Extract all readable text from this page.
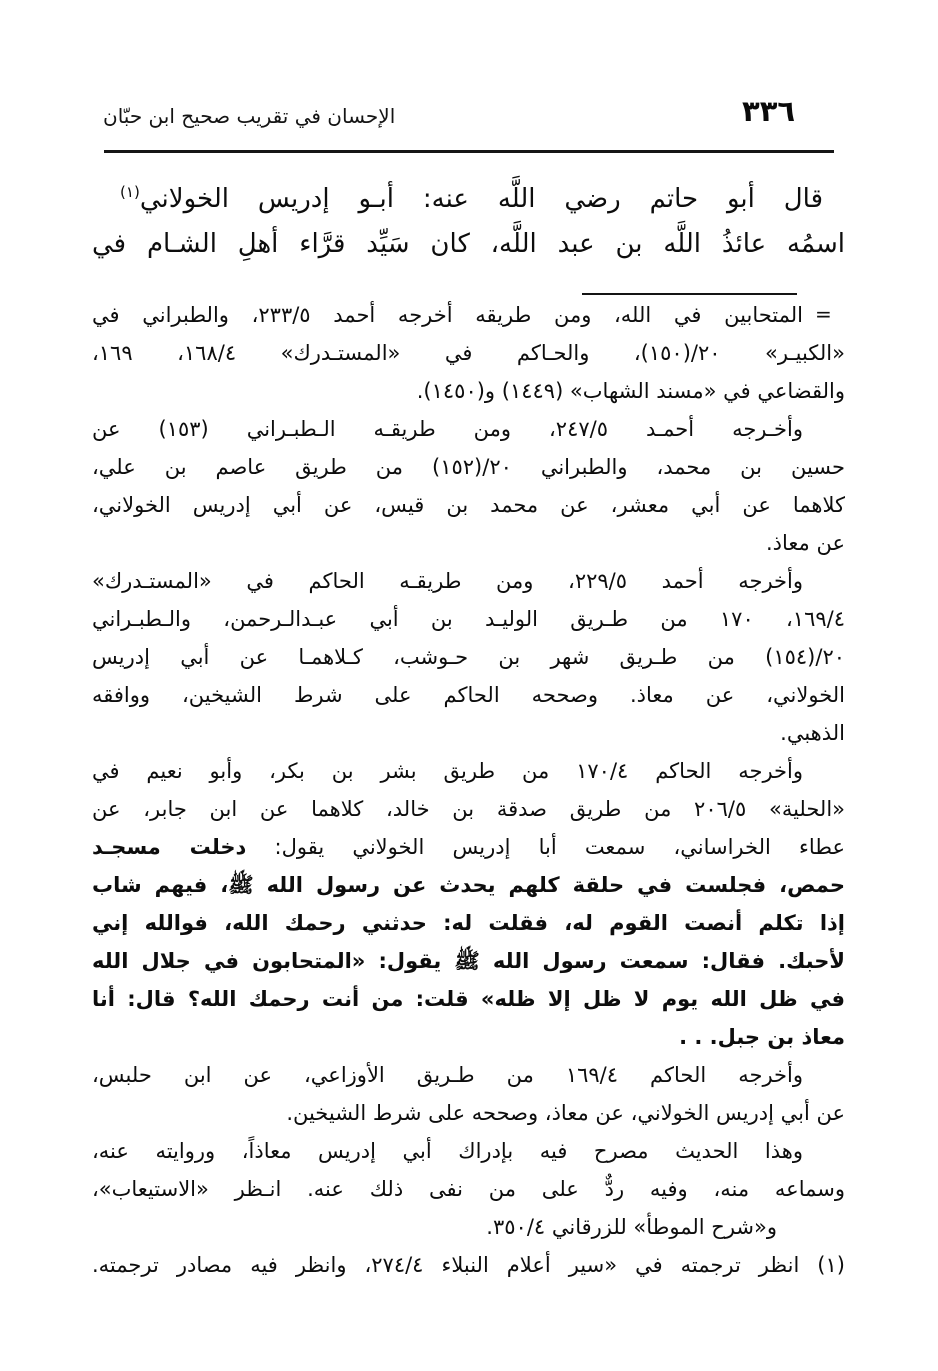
الإحسان في تقريب صحيح ابن حبّان	٣٣٦
قال أبو حاتم رضي اللَّه عنه: أبـو إدريس الخولاني$^{(١)}$
اسمُه عائذُ اللَّه بن عبد اللَّه، كان سَيِّد قرَّاء أهلِ الشـام في
=
المتحابين في الله، ومن طريقه أخرجه أحمد ٢٣٣/٥، والطبراني في
«الكبيـر» ٢٠/(١٥٠)، والحـاكم في «المستـدرك» ١٦٨/٤، ١٦٩،
والقضاعي في «مسند الشهاب» (١٤٤٩) و(١٤٥٠).
وأخـرجه أحمـد ٢٤٧/٥، ومن طريقـه الـطبـراني (١٥٣) عن
حسين بن محمد، والطبراني ٢٠/(١٥٢) من طريق عاصم بن علي،
كلاهما عن أبي معشر، عن محمد بن قيس، عن أبي إدريس الخولاني،
عن معاذ.
وأخرجه أحمد ٢٢٩/٥، ومن طريقـه الحاكم في «المستـدرك»
١٦٩/٤، ١٧٠ من طـريق الوليـد بن أبي عبـدالـرحمن، والـطبـراني
٢٠/(١٥٤) من طـريق شهر بن حـوشب، كـلاهمـا عن أبي إدريس
الخولاني، عن معاذ. وصححه الحاكم على شرط الشيخين، ووافقه
الذهبي.
وأخرجه الحاكم ١٧٠/٤ من طريق بشر بن بكر، وأبو نعيم في
«الحلية» ٢٠٦/٥ من طريق صدقة بن خالد، كلاهما عن ابن جابر، عن
عطاء الخراساني، سمعت أبا إدريس الخولاني يقول: دخلت مسجـد
حمص، فجلست في حلقة كلهم يحدث عن رسول الله ﷺ، فيهم شاب
إذا تكلم أنصت القوم له، فقلت له: حدثني رحمك الله، فوالله إني
لأحبك. فقال: سمعت رسول الله ﷺ يقول: «المتحابون في جلال الله
في ظل الله يوم لا ظل إلا ظله» قلت: من أنت رحمك الله؟ قال: أنا
معاذ بن جبل. . .
وأخرجه الحاكم ١٦٩/٤ من طـريق الأوزاعي، عن ابن حلبس،
عن أبي إدريس الخولاني، عن معاذ، وصححه على شرط الشيخين.
وهذا الحديث مصرح فيه بإدراك أبي إدريس معاذاً، وروايته عنه،
وسماعه منه، وفيه ردٌّ على من نفى ذلك عنه. انـظر «الاستيعاب»،
و«شرح الموطأ» للزرقاني ٣٥٠/٤.
(١) انظر ترجمته في «سير أعلام النبلاء ٢٧٤/٤، وانظر فيه مصادر ترجمته.
